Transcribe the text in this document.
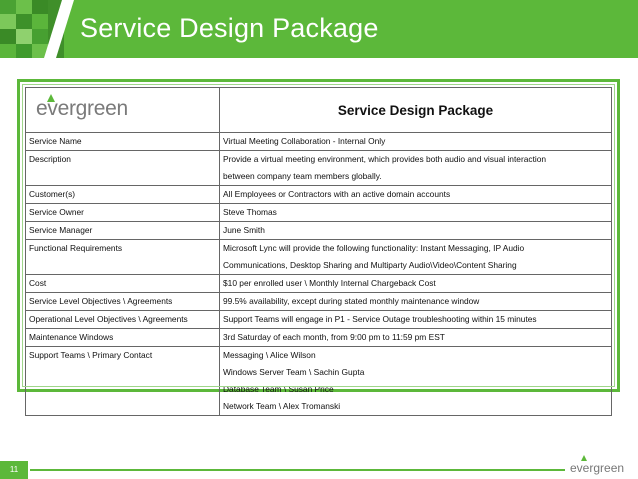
Service Design Package
evergreen	Service Design Package
Service Name	Virtual Meeting Collaboration - Internal Only

Description	Provide a virtual meeting environment, which provides both audio and visual interaction
between company team members globally.

Customer(s)	All Employees or Contractors with an active domain accounts

Service Owner	Steve Thomas

Service Manager	June Smith

Functional Requirements	Microsoft Lync will provide the following functionality: Instant Messaging, IP Audio
Communications, Desktop Sharing and Multiparty Audio\Video\Content Sharing

Cost	$10 per enrolled user \ Monthly Internal Chargeback Cost

Service Level Objectives \ Agreements	99.5% availability, except during stated monthly maintenance window

Operational Level Objectives \ Agreements	Support Teams will engage in P1 - Service Outage troubleshooting within 15 minutes

Maintenance Windows	3rd Saturday of each month, from 9:00 pm to 11:59 pm EST

Support Teams \ Primary Contact	Messaging \ Alice Wilson
Windows Server Team \ Sachin Gupta
Database Team \ Susan Price
Network Team \ Alex Tromanski
11	evergreen
